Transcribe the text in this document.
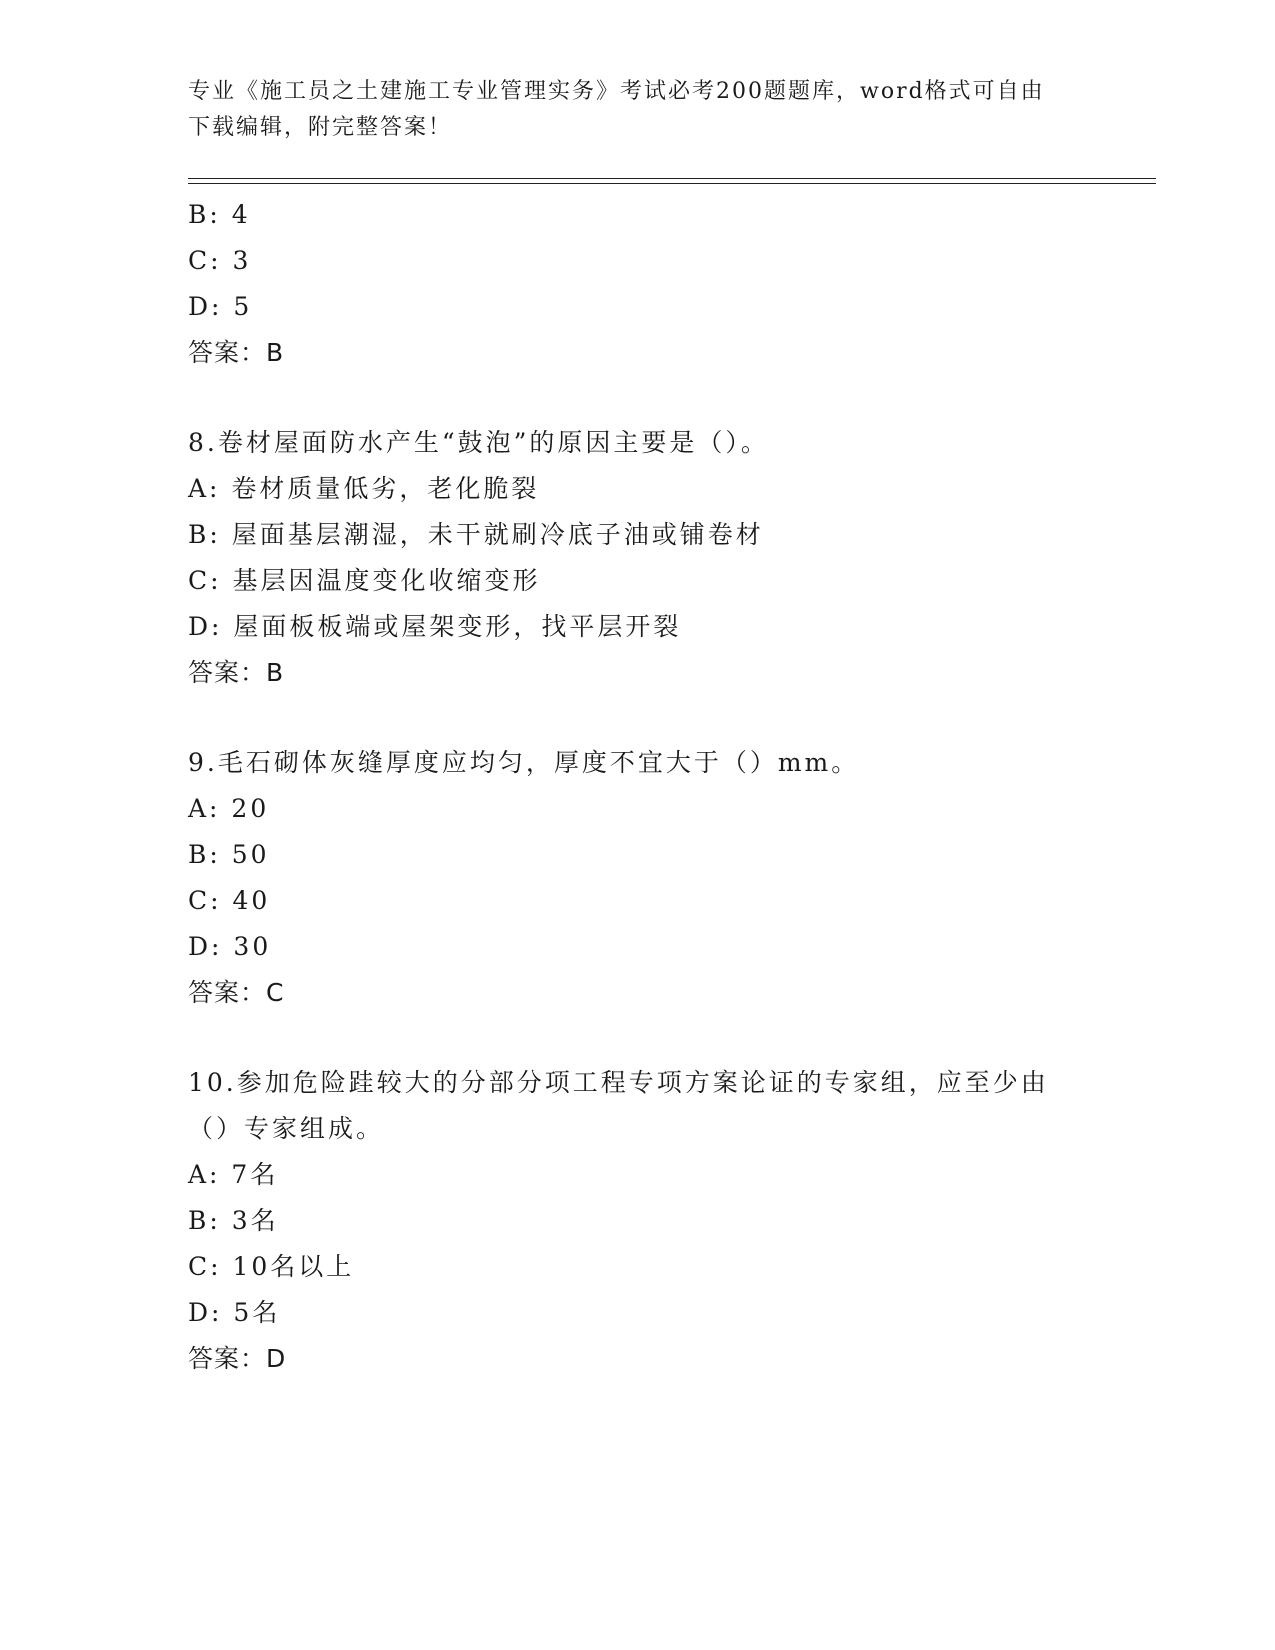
专业《施工员之土建施工专业管理实务》考试必考200题题库，word格式可自由
下载编辑，附完整答案！
B: 4
C: 3
D: 5
答案：B
8.卷材屋面防水产生“鼓泡”的原因主要是（）。
A: 卷材质量低劣，老化脆裂
B: 屋面基层潮湿，未干就刷冷底子油或铺卷材
C: 基层因温度变化收缩变形
D: 屋面板板端或屋架变形，找平层开裂
答案：B
9.毛石砌体灰缝厚度应均匀，厚度不宜大于（）mm。
A: 20
B: 50
C: 40
D: 30
答案：C
10.参加危险跬较大的分部分项工程专项方案论证的专家组，应至少由
（）专家组成。
A: 7名
B: 3名
C: 10名以上
D: 5名
答案：D
